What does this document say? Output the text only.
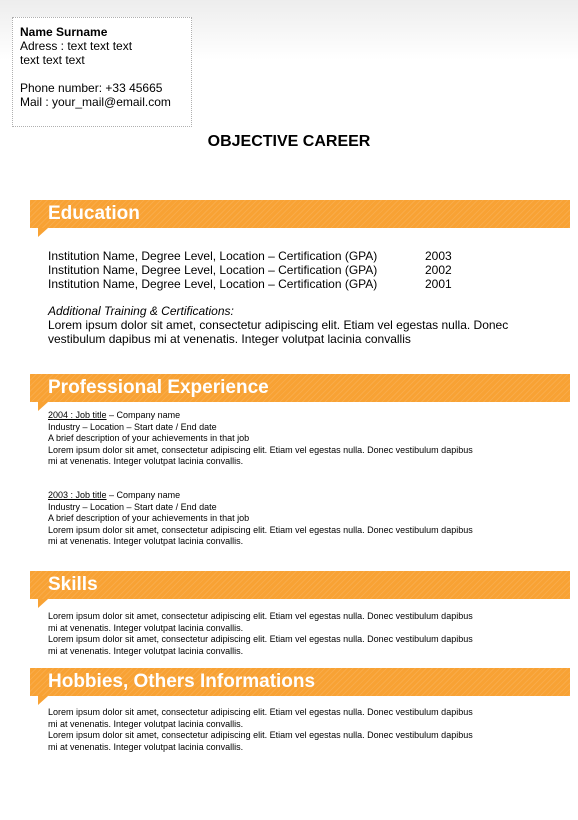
Name Surname
Adress : text text text
text text text
Phone number: +33 45665
Mail : your_mail@email.com
OBJECTIVE CAREER
Education
Institution Name, Degree Level, Location – Certification (GPA)	2003
Institution Name, Degree Level, Location – Certification (GPA)	2002
Institution Name, Degree Level, Location – Certification (GPA)	2001
Additional Training & Certifications:
Lorem ipsum dolor sit amet, consectetur adipiscing elit. Etiam vel egestas nulla. Donec
vestibulum dapibus mi at venenatis. Integer volutpat lacinia convallis
Professional Experience
2004 : Job title – Company name
Industry – Location – Start date / End date
A brief description of your achievements in that job
Lorem ipsum dolor sit amet, consectetur adipiscing elit. Etiam vel egestas nulla. Donec vestibulum dapibus
mi at venenatis. Integer volutpat lacinia convallis.
2003 : Job title – Company name
Industry – Location – Start date / End date
A brief description of your achievements in that job
Lorem ipsum dolor sit amet, consectetur adipiscing elit. Etiam vel egestas nulla. Donec vestibulum dapibus
mi at venenatis. Integer volutpat lacinia convallis.
Skills
Lorem ipsum dolor sit amet, consectetur adipiscing elit. Etiam vel egestas nulla. Donec vestibulum dapibus
mi at venenatis. Integer volutpat lacinia convallis.
Lorem ipsum dolor sit amet, consectetur adipiscing elit. Etiam vel egestas nulla. Donec vestibulum dapibus
mi at venenatis. Integer volutpat lacinia convallis.
Hobbies, Others Informations
Lorem ipsum dolor sit amet, consectetur adipiscing elit. Etiam vel egestas nulla. Donec vestibulum dapibus
mi at venenatis. Integer volutpat lacinia convallis.
Lorem ipsum dolor sit amet, consectetur adipiscing elit. Etiam vel egestas nulla. Donec vestibulum dapibus
mi at venenatis. Integer volutpat lacinia convallis.
